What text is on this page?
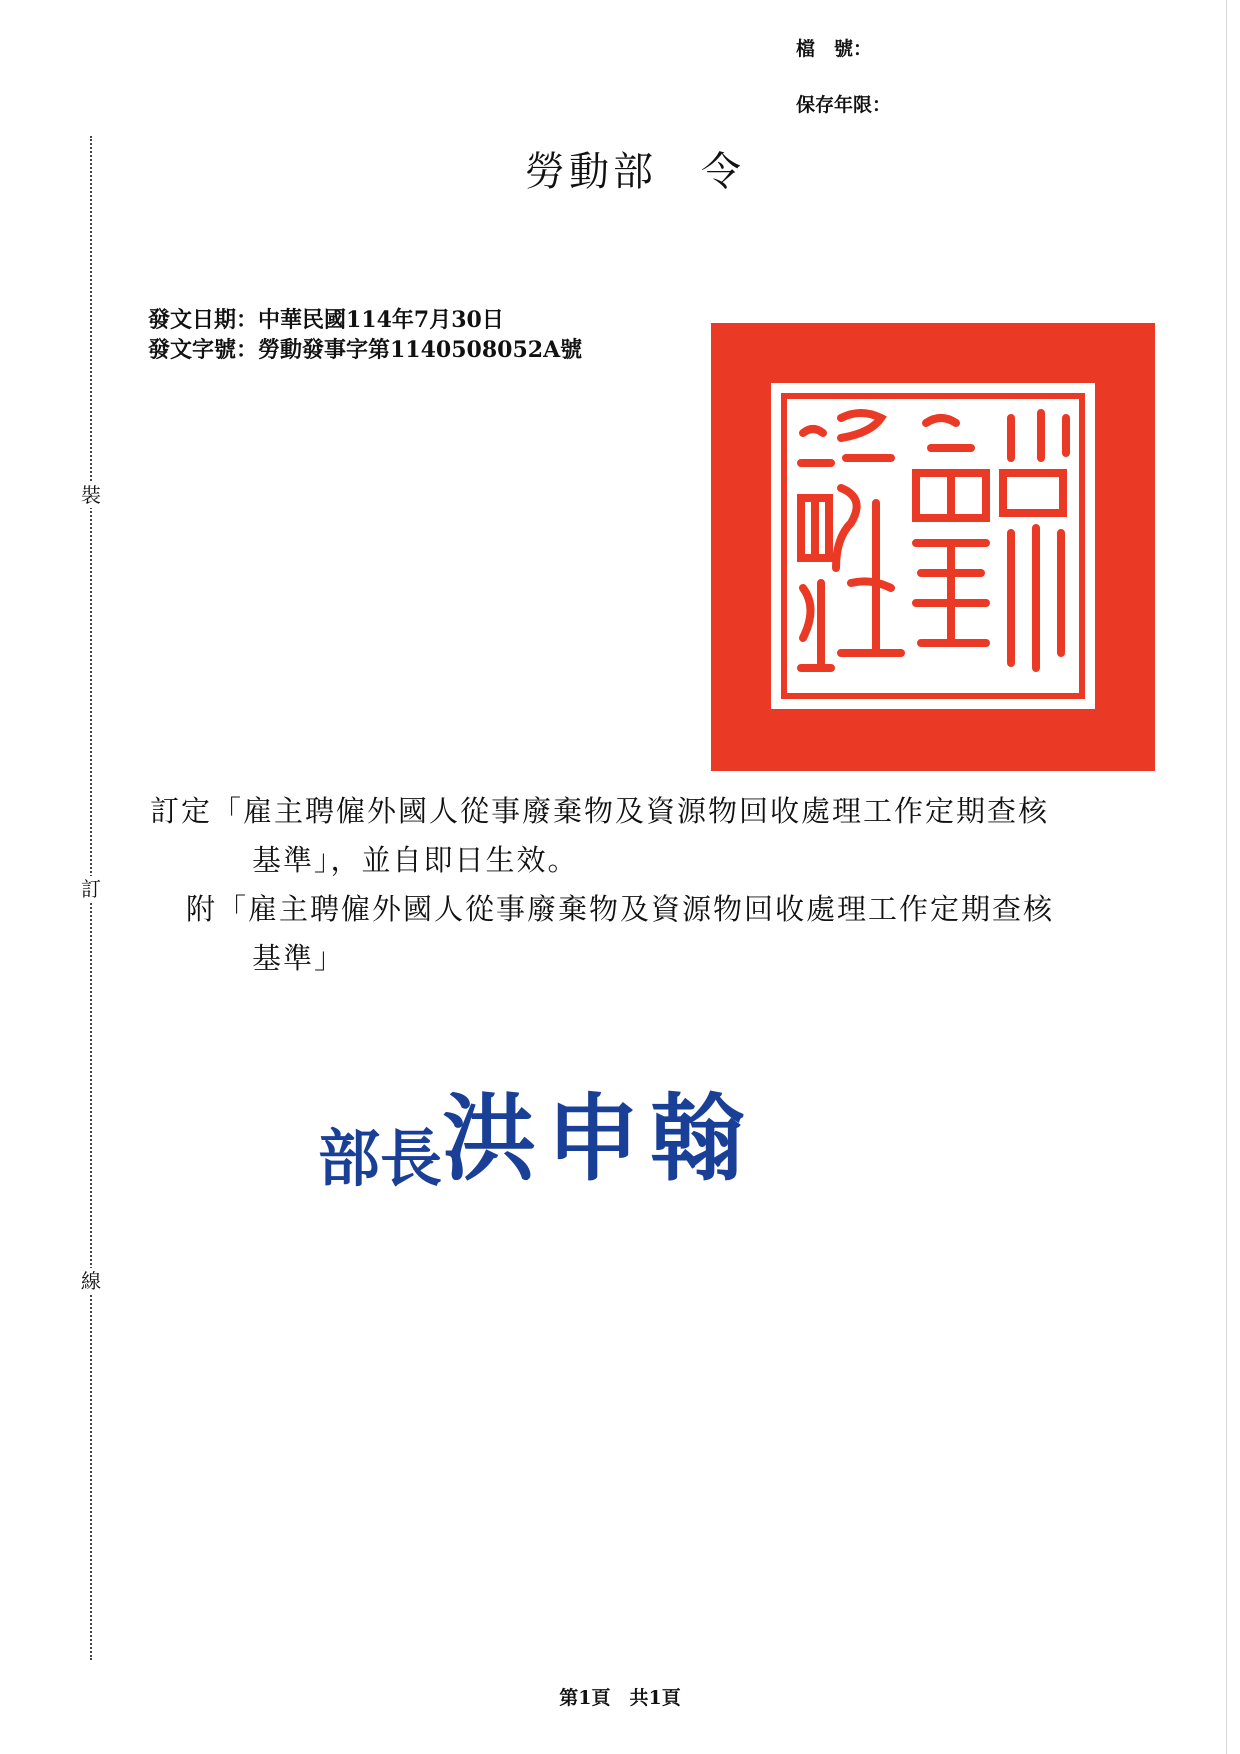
檔　號：
保存年限：
勞動部　令
發文日期：中華民國114年7月30日
發文字號：勞動發事字第1140508052A號
裝
訂
線
訂定「雇主聘僱外國人從事廢棄物及資源物回收處理工作定期查核
基準」，並自即日生效。
附「雇主聘僱外國人從事廢棄物及資源物回收處理工作定期查核
基準」
部長洪申翰
第1頁　共1頁
